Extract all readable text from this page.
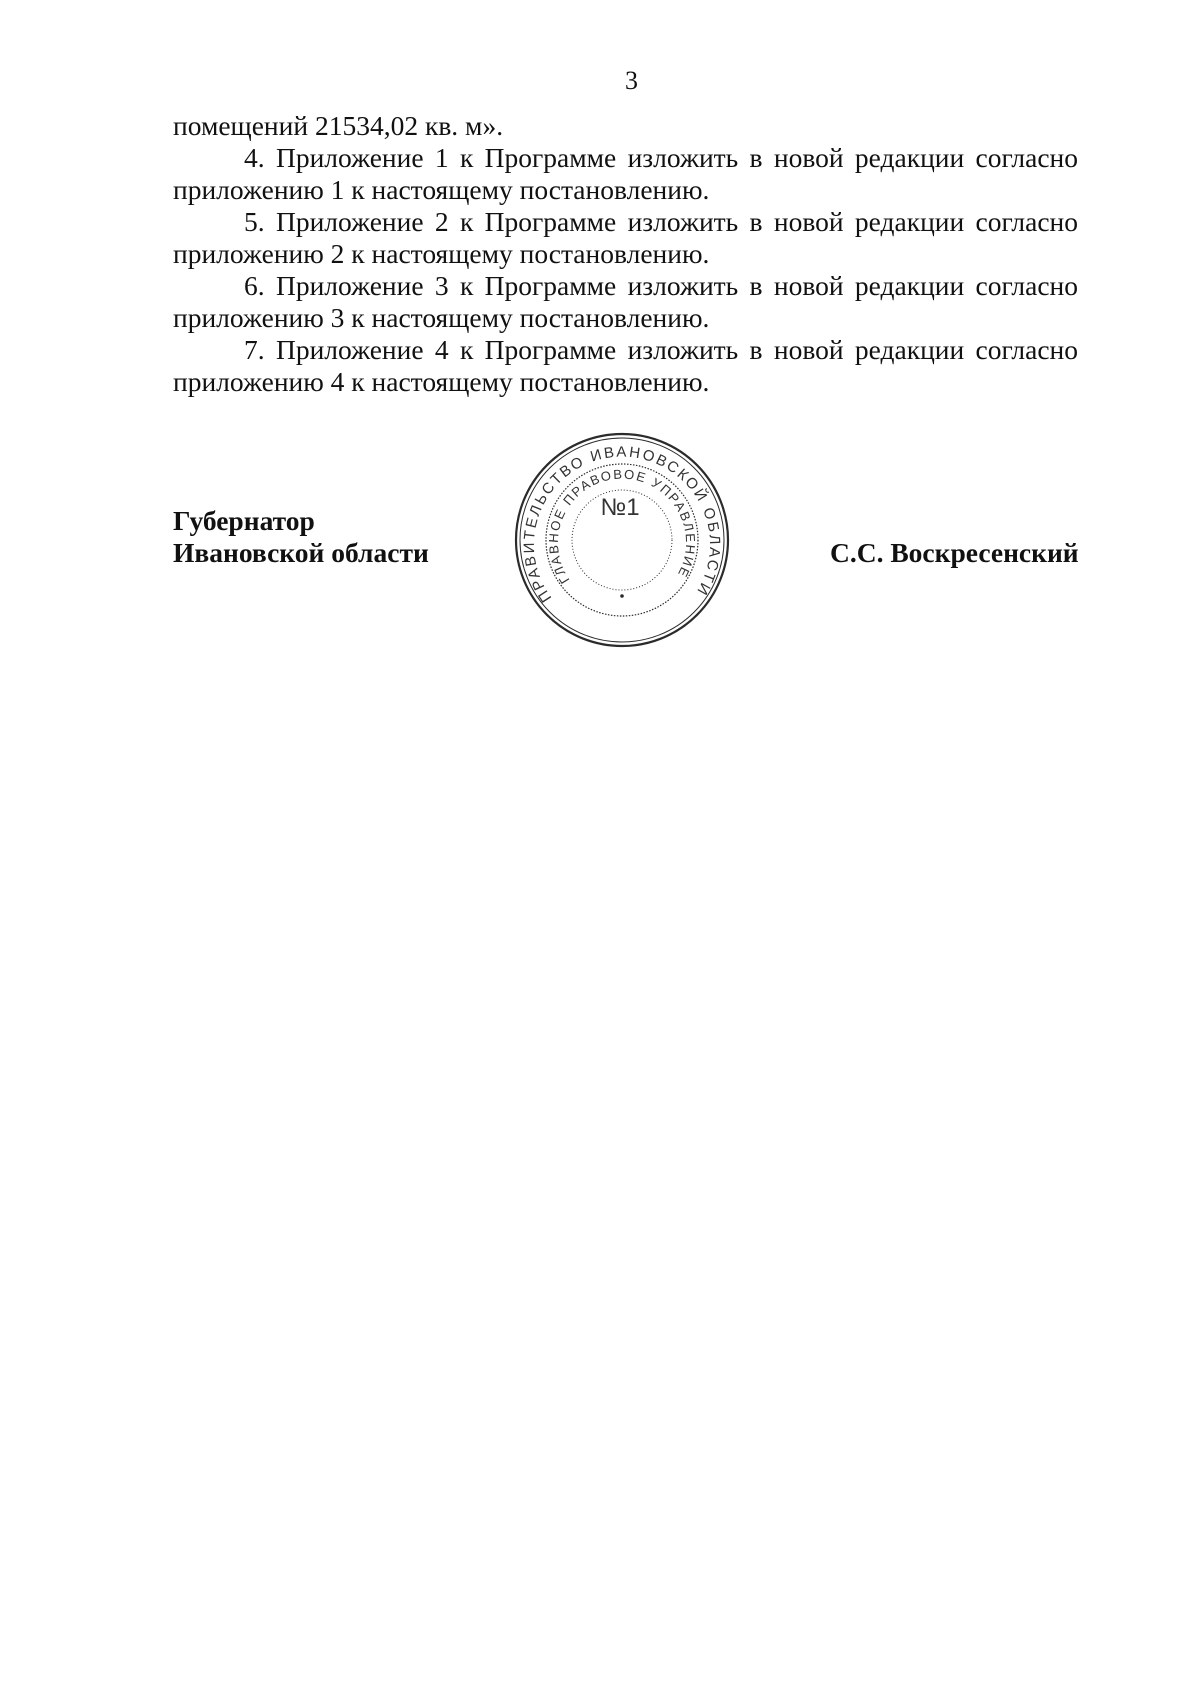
3

помещений 21534,02 кв. м».

4. Приложение 1 к Программе изложить в новой редакции согласно приложению 1 к настоящему постановлению.

5. Приложение 2 к Программе изложить в новой редакции согласно приложению 2 к настоящему постановлению.

6. Приложение 3 к Программе изложить в новой редакции согласно приложению 3 к настоящему постановлению.

7. Приложение 4 к Программе изложить в новой редакции согласно приложению 4 к настоящему постановлению.

Губернатор
Ивановской области	С.С. Воскресенский
ПРАВИТЕЛЬСТВО ИВАНОВСКОЙ ОБЛАСТИ
ГЛАВНОЕ ПРАВОВОЕ УПРАВЛЕНИЕ
№1
